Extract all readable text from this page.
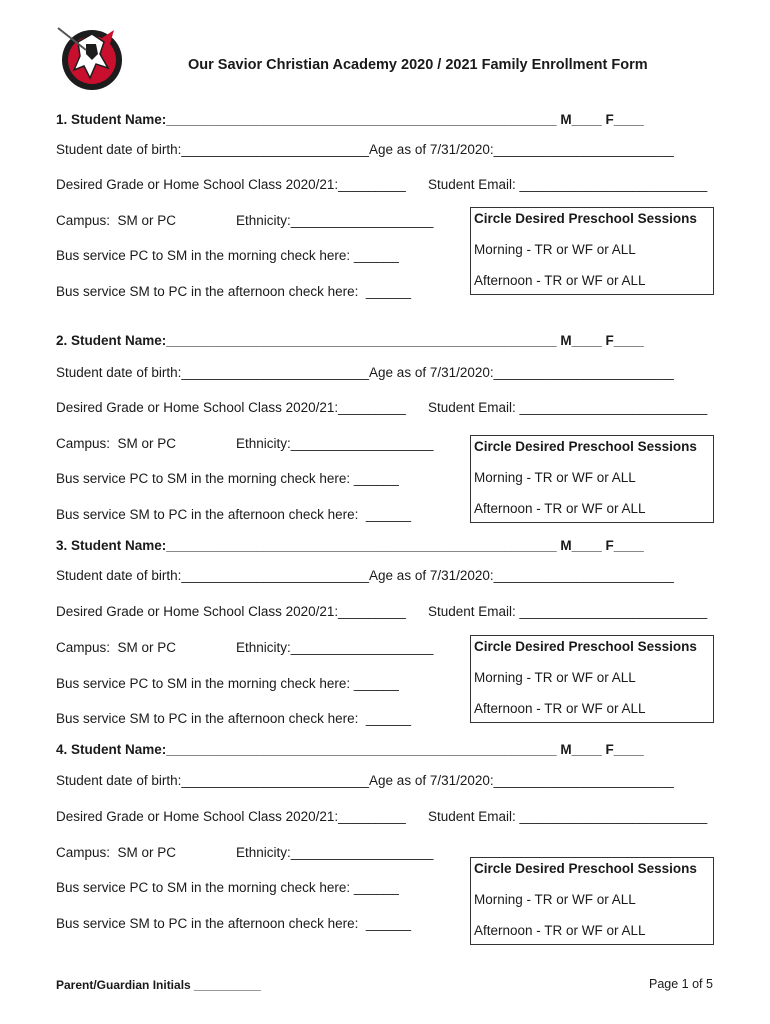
Our Savior Christian Academy 2020 / 2021 Family Enrollment Form
1. Student Name:____________________________________________________ M____ F____
Student date of birth:_________________________Age as of 7/31/2020:________________________
Desired Grade or Home School Class 2020/21:_________ Student Email: _________________________
Campus:  SM or PC	Ethnicity:___________________
Bus service PC to SM in the morning check here: ______
Bus service SM to PC in the afternoon check here:  ______
Circle Desired Preschool Sessions
Morning - TR or WF or ALL
Afternoon - TR or WF or ALL
2. Student Name:____________________________________________________ M____ F____
Student date of birth:_________________________Age as of 7/31/2020:________________________
Desired Grade or Home School Class 2020/21:_________ Student Email: _________________________
Campus:  SM or PC	Ethnicity:___________________
Bus service PC to SM in the morning check here: ______
Bus service SM to PC in the afternoon check here:  ______
Circle Desired Preschool Sessions
Morning - TR or WF or ALL
Afternoon - TR or WF or ALL
3. Student Name:____________________________________________________ M____ F____
Student date of birth:_________________________Age as of 7/31/2020:________________________
Desired Grade or Home School Class 2020/21:_________ Student Email: _________________________
Campus:  SM or PC	Ethnicity:___________________
Bus service PC to SM in the morning check here: ______
Bus service SM to PC in the afternoon check here:  ______
Circle Desired Preschool Sessions
Morning - TR or WF or ALL
Afternoon - TR or WF or ALL
4. Student Name:____________________________________________________ M____ F____
Student date of birth:_________________________Age as of 7/31/2020:________________________
Desired Grade or Home School Class 2020/21:_________ Student Email: _________________________
Campus:  SM or PC	Ethnicity:___________________
Bus service PC to SM in the morning check here: ______
Bus service SM to PC in the afternoon check here:  ______
Circle Desired Preschool Sessions
Morning - TR or WF or ALL
Afternoon - TR or WF or ALL
Parent/Guardian Initials __________	Page 1 of 5
